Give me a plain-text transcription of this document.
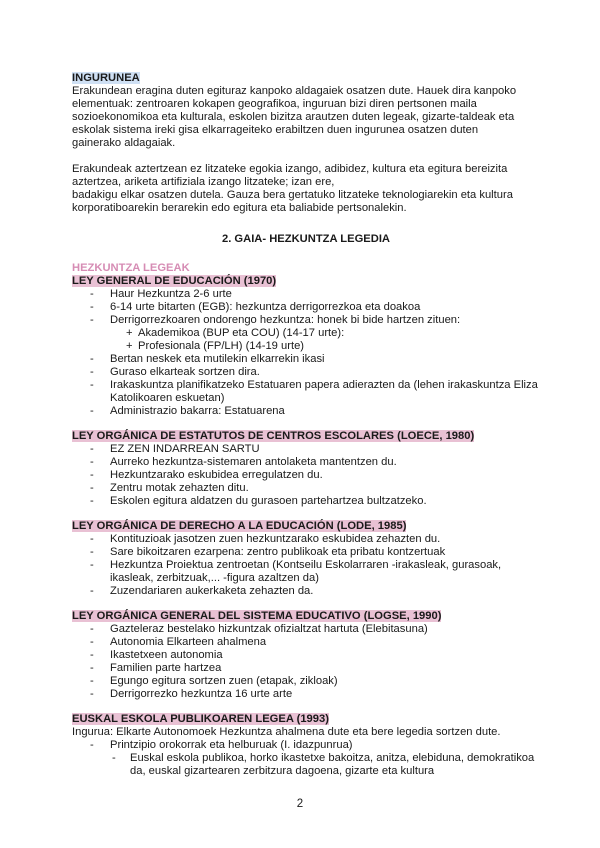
INGURUNEA

Erakundean eragina duten egituraz kanpoko aldagaiek osatzen dute. Hauek dira kanpoko

elementuak: zentroaren kokapen geografikoa, inguruan bizi diren pertsonen maila

sozioekonomikoa eta kulturala, eskolen bizitza arautzen duten legeak, gizarte-taldeak eta

eskolak sistema ireki gisa elkarrageiteko erabiltzen duen ingurunea osatzen duten

gainerako aldagaiak.

Erakundeak aztertzean ez litzateke egokia izango, adibidez, kultura eta egitura bereizita

aztertzea, ariketa artifiziala izango litzateke; izan ere,

badakigu elkar osatzen dutela. Gauza bera gertatuko litzateke teknologiarekin eta kultura

korporatiboarekin berarekin edo egitura eta baliabide pertsonalekin.

2. GAIA- HEZKUNTZA LEGEDIA

HEZKUNTZA LEGEAK

LEY GENERAL DE EDUCACIÓN (1970)

- Haur Hezkuntza 2-6 urte
- 6-14 urte bitarten (EGB): hezkuntza derrigorrezkoa eta doakoa
- Derrigorrezkoaren ondorengo hezkuntza: honek bi bide hartzen zituen:
+ Akademikoa (BUP eta COU) (14-17 urte):
+ Profesionala (FP/LH) (14-19 urte)
- Bertan neskek eta mutilekin elkarrekin ikasi
- Guraso elkarteak sortzen dira.
- Irakaskuntza planifikatzeko Estatuaren papera adierazten da (lehen irakaskuntza Eliza Katolikoaren eskuetan)
- Administrazio bakarra: Estatuarena

LEY ORGÁNICA DE ESTATUTOS DE CENTROS ESCOLARES (LOECE, 1980)

- EZ ZEN INDARREAN SARTU
- Aurreko hezkuntza-sistemaren antolaketa mantentzen du.
- Hezkuntzarako eskubidea erregulatzen du.
- Zentru motak zehazten ditu.
- Eskolen egitura aldatzen du gurasoen partehartzea bultzatzeko.

LEY ORGÁNICA DE DERECHO A LA EDUCACIÓN (LODE, 1985)

- Kontituzioak jasotzen zuen hezkuntzarako eskubidea zehazten du.
- Sare bikoitzaren ezarpena: zentro publikoak eta pribatu kontzertuak
- Hezkuntza Proiektua zentroetan (Kontseilu Eskolarraren -irakasleak, gurasoak, ikasleak, zerbitzuak,... -figura azaltzen da)
- Zuzendariaren aukerkaketa zehazten da.

LEY ORGÁNICA GENERAL DEL SISTEMA EDUCATIVO (LOGSE, 1990)

- Gazteleraz bestelako hizkuntzak ofizialtzat hartuta (Elebitasuna)
- Autonomia Elkarteen ahalmena
- Ikastetxeen autonomia
- Familien parte hartzea
- Egungo egitura sortzen zuen (etapak, zikloak)
- Derrigorrezko hezkuntza 16 urte arte

EUSKAL ESKOLA PUBLIKOAREN LEGEA (1993)

Ingurua: Elkarte Autonomoek Hezkuntza ahalmena dute eta bere legedia sortzen dute.

- Printzipio orokorrak eta helburuak (I. idazpunrua)
- Euskal eskola publikoa, horko ikastetxe bakoitza, anitza, elebiduna, demokratikoa da, euskal gizartearen zerbitzura dagoena, gizarte eta kultura
2
